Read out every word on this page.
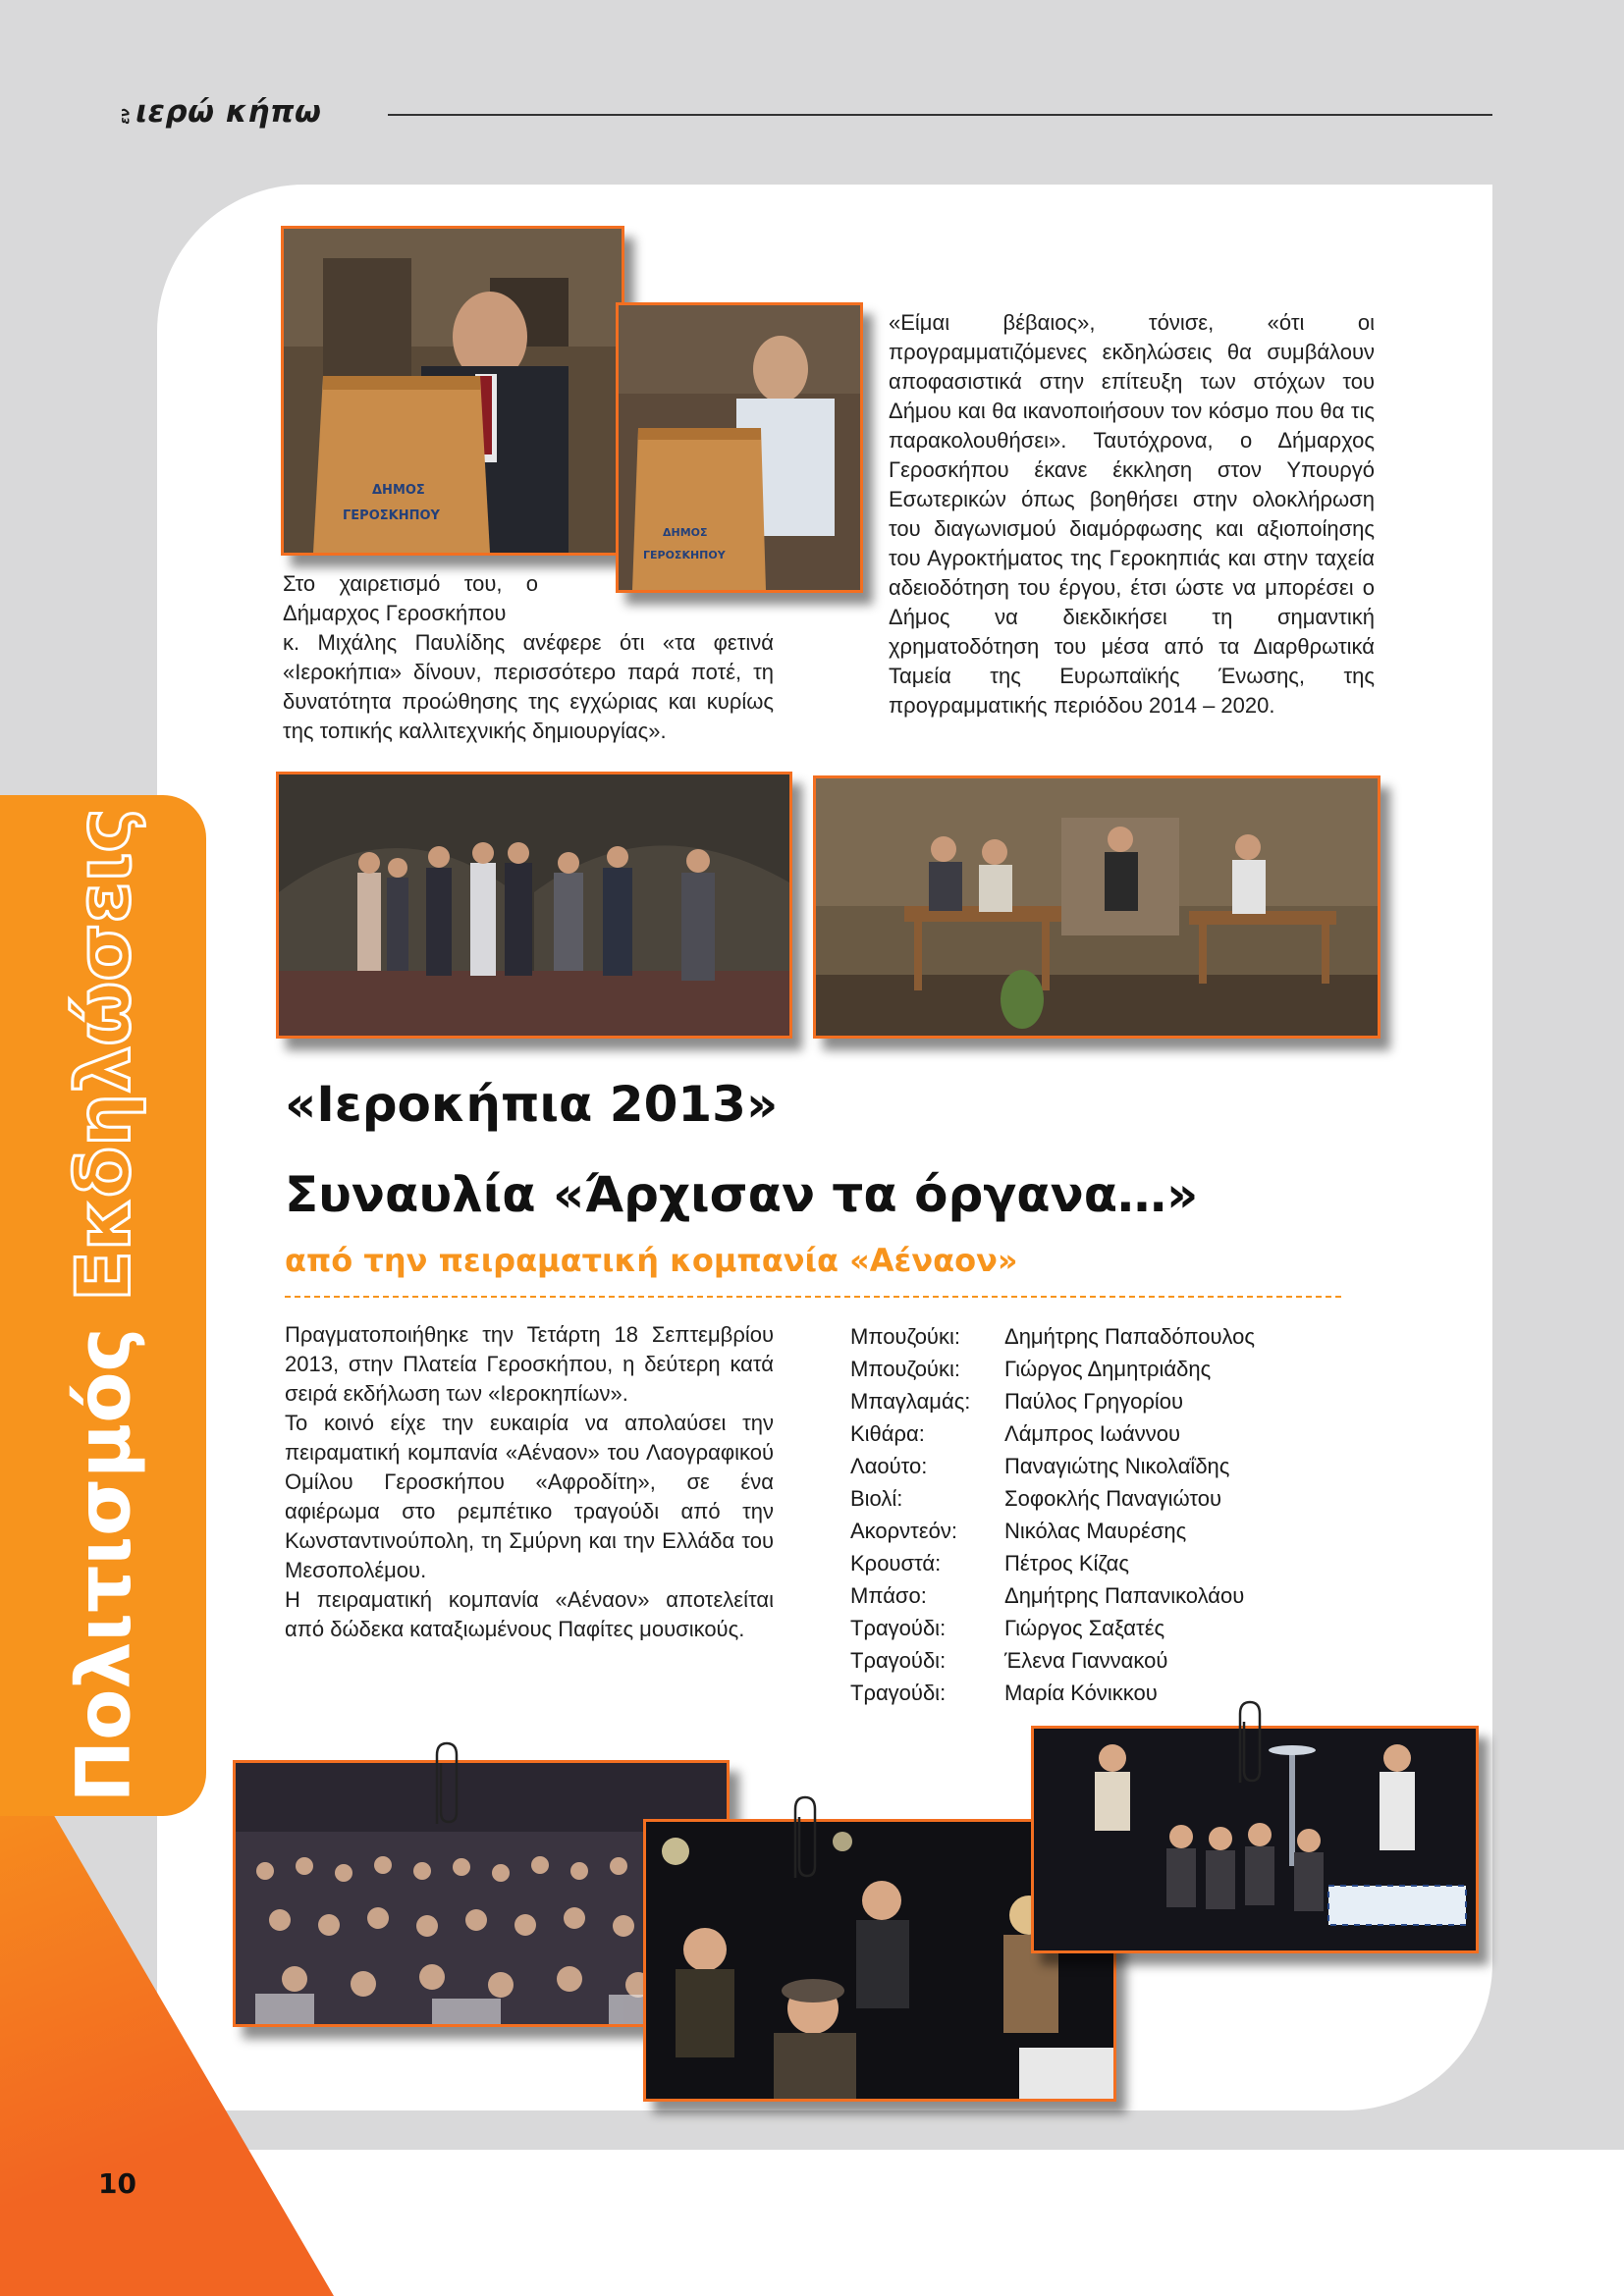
εν ιερώ κήπω
Πολιτισμός Εκδηλώσεις
ΔΗΜΟΣ
ΓΕΡΟΣΚΗΠΟΥ
ΔΗΜΟΣ
ΓΕΡΟΣΚΗΠΟΥ
Στο χαιρετισμό του, ο Δήμαρχος Γεροσκήπου
κ. Μιχάλης Παυλίδης ανέφερε ότι «τα φετινά «Ιεροκήπια» δίνουν, περισσότερο παρά ποτέ, τη δυνατότητα προώθησης της εγχώριας και κυρίως της τοπικής καλλιτεχνικής δημιουργίας».
«Είμαι βέβαιος», τόνισε, «ότι οι προγραμματιζόμενες εκδηλώσεις θα συμβάλουν αποφασιστικά στην επίτευξη των στόχων του Δήμου και θα ικανοποιήσουν τον κόσμο που θα τις παρακολουθήσει». Ταυτόχρονα, ο Δήμαρχος Γεροσκήπου έκανε έκκληση στον Υπουργό Εσωτερικών όπως βοηθήσει στην ολοκλήρωση του διαγωνισμού διαμόρφωσης και αξιοποίησης του Αγροκτήματος της Γεροκηπιάς και στην ταχεία αδειοδότηση του έργου, έτσι ώστε να μπορέσει ο Δήμος να διεκδικήσει τη σημαντική χρηματοδότηση του μέσα από τα Διαρθρωτικά Ταμεία της Ευρωπαϊκής Ένωσης, της προγραμματικής περιόδου 2014 – 2020.
«Ιεροκήπια 2013»
Συναυλία «Άρχισαν τα όργανα…»
από την πειραματική κομπανία «Αέναον»

Πραγματοποιήθηκε την Τετάρτη 18 Σεπτεμβρίου 2013, στην Πλατεία Γεροσκήπου, η δεύτερη κατά σειρά εκδήλωση των «Ιεροκηπίων».

Το κοινό είχε την ευκαιρία να απολαύσει την πειραματική κομπανία «Αέναον» του Λαογραφικού Ομίλου Γεροσκήπου «Αφροδίτη», σε ένα αφιέρωμα στο ρεμπέτικο τραγούδι από την Κωνσταντινούπολη, τη Σμύρνη και την Ελλάδα του Μεσοπολέμου.

Η πειραματική κομπανία «Αέναον» αποτελείται από δώδεκα καταξιωμένους Παφίτες μουσικούς.

Μπουζούκι:	Δημήτρης Παπαδόπουλος
Μπουζούκι:	Γιώργος Δημητριάδης
Μπαγλαμάς:	Παύλος Γρηγορίου
Κιθάρα:	Λάμπρος Ιωάννου
Λαούτο:	Παναγιώτης Νικολαΐδης
Βιολί:	Σοφοκλής Παναγιώτου
Ακορντεόν:	Νικόλας Μαυρέσης
Κρουστά:	Πέτρος Κίζας
Μπάσο:	Δημήτρης Παπανικολάου
Τραγούδι:	Γιώργος Σαξατές
Τραγούδι:	Έλενα Γιαννακού
Τραγούδι:	Μαρία Κόνικκου
10
